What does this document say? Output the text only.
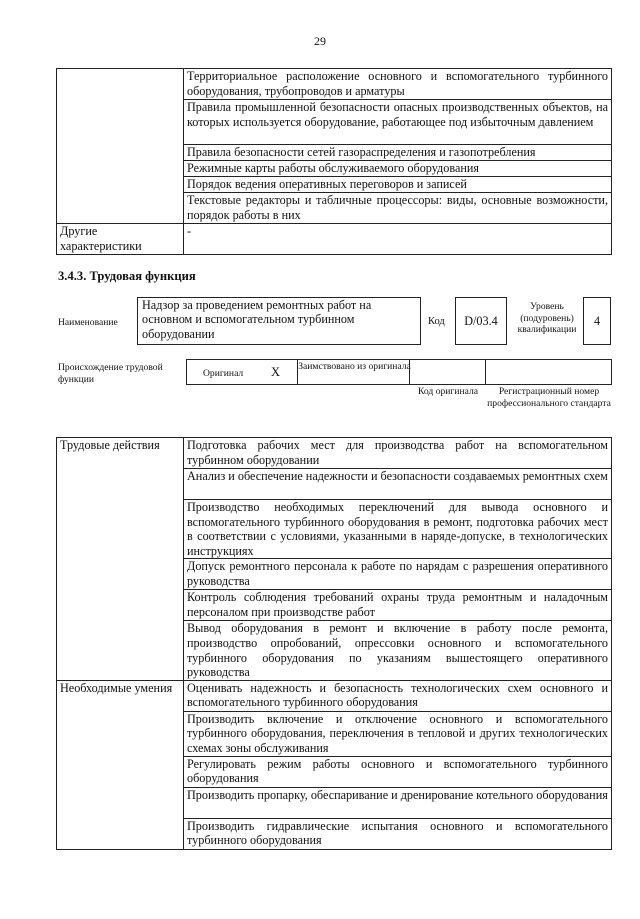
29
	Территориальное расположение основного и вспомогательного турбинного оборудования, трубопроводов и арматуры
	Правила промышленной безопасности опасных производственных объектов, на которых используется оборудование, работающее под избыточным давлением
	Правила безопасности сетей газораспределения и газопотребления
	Режимные карты работы обслуживаемого оборудования
	Порядок ведения оперативных переговоров и записей
	Текстовые редакторы и табличные процессоры: виды, основные возможности, порядок работы в них
Другие характеристики	-
3.4.3. Трудовая функция
Наименование
Надзор за проведением ремонтных работ на основном и вспомогательном турбинном оборудовании
Код D/03.4
Уровень (подуровень) квалификации
4
Происхождение трудовой функции	Оригинал X Заимствовано из оригинала
Код оригинала	Регистрационный номер профессионального стандарта
Трудовые действия	Подготовка рабочих мест для производства работ на вспомогательном турбинном оборудовании
	Анализ и обеспечение надежности и безопасности создаваемых ремонтных схем
	Производство необходимых переключений для вывода основного и вспомогательного турбинного оборудования в ремонт, подготовка рабочих мест в соответствии с условиями, указанными в наряде-допуске, в технологических инструкциях
	Допуск ремонтного персонала к работе по нарядам с разрешения оперативного руководства
	Контроль соблюдения требований охраны труда ремонтным и наладочным персоналом при производстве работ
	Вывод оборудования в ремонт и включение в работу после ремонта, производство опробований, опрессовки основного и вспомогательного турбинного оборудования по указаниям вышестоящего оперативного руководства
Необходимые умения	Оценивать надежность и безопасность технологических схем основного и вспомогательного турбинного оборудования
	Производить включение и отключение основного и вспомогательного турбинного оборудования, переключения в тепловой и других технологических схемах зоны обслуживания
	Регулировать режим работы основного и вспомогательного турбинного оборудования
	Производить пропарку, обеспаривание и дренирование котельного оборудования
	Производить гидравлические испытания основного и вспомогательного турбинного оборудования
